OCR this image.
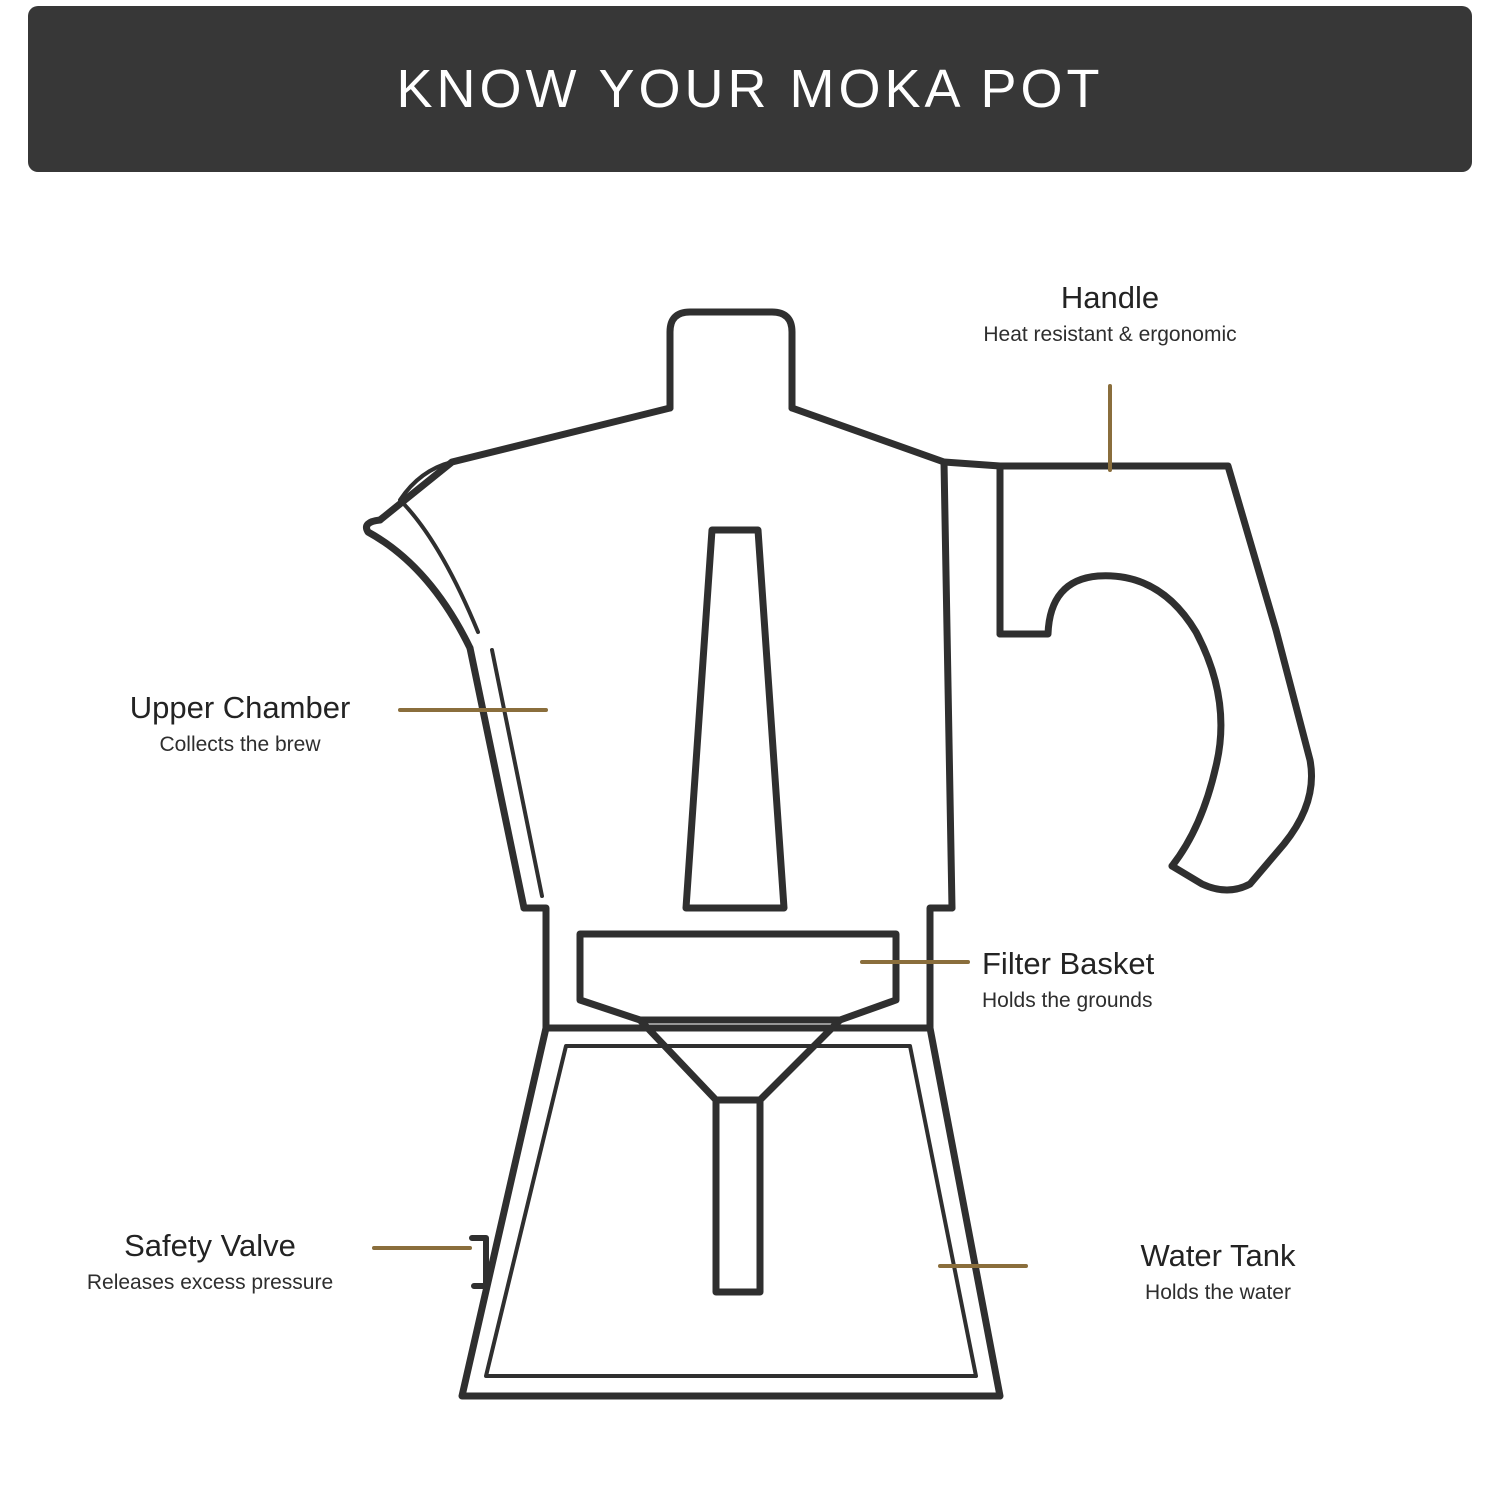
KNOW YOUR MOKA POT
Handle
Heat resistant & ergonomic
Upper Chamber
Collects the brew
Filter Basket
Holds the grounds
Safety Valve
Releases excess pressure
Water Tank
Holds the water
